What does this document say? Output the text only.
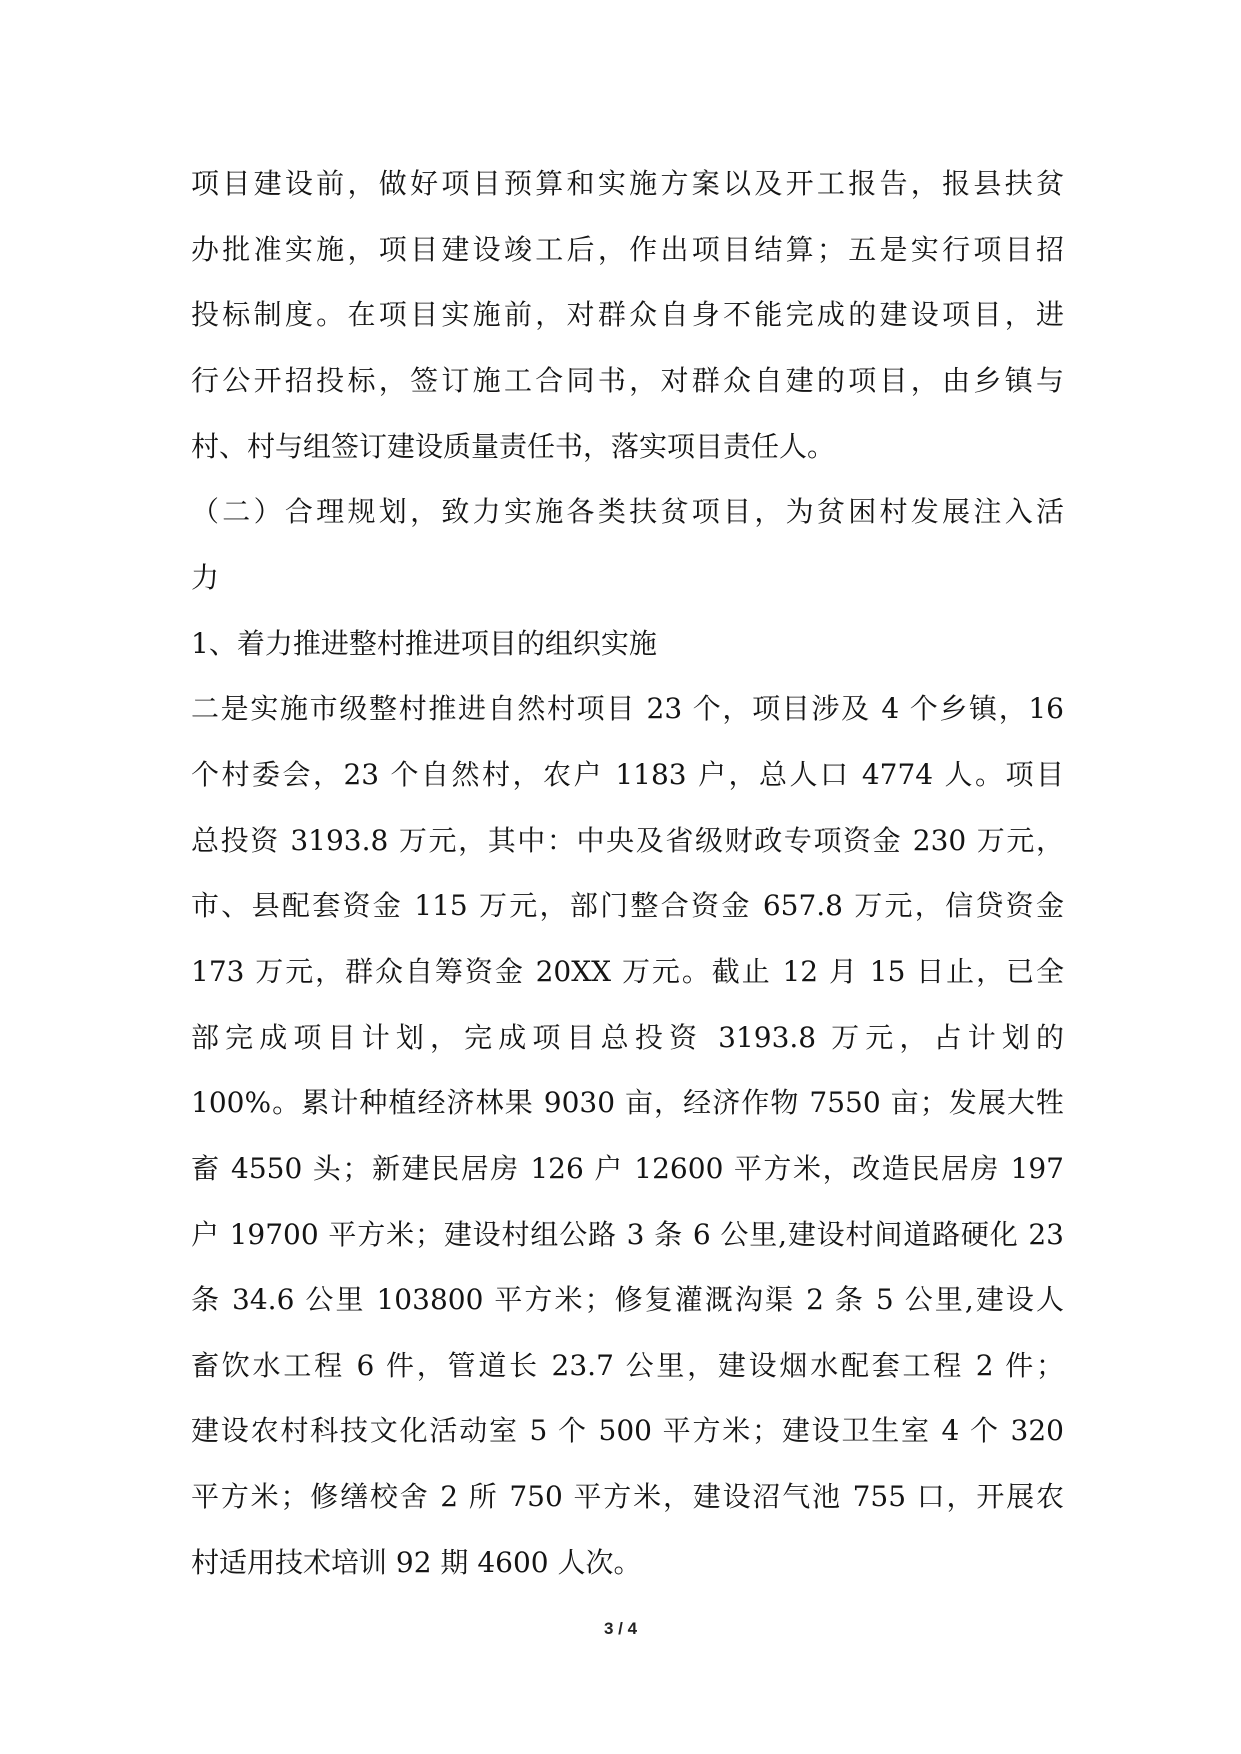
项目建设前，做好项目预算和实施方案以及开工报告，报县扶贫
办批准实施，项目建设竣工后，作出项目结算；五是实行项目招
投标制度。在项目实施前，对群众自身不能完成的建设项目，进
行公开招投标，签订施工合同书，对群众自建的项目，由乡镇与
村、村与组签订建设质量责任书，落实项目责任人。
（二）合理规划，致力实施各类扶贫项目，为贫困村发展注入活
力
1、着力推进整村推进项目的组织实施
二是实施市级整村推进自然村项目 23 个，项目涉及 4 个乡镇，16
个村委会，23 个自然村，农户 1183 户，总人口 4774 人。项目
总投资 3193.8 万元，其中：中央及省级财政专项资金 230 万元，
市、县配套资金 115 万元，部门整合资金 657.8 万元，信贷资金
173 万元，群众自筹资金 20XX 万元。截止 12 月 15 日止，已全
部完成项目计划，完成项目总投资 3193.8 万元，占计划的
100%。累计种植经济林果 9030 亩，经济作物 7550 亩；发展大牲
畜 4550 头；新建民居房 126 户 12600 平方米，改造民居房 197
户 19700 平方米；建设村组公路 3 条 6 公里,建设村间道路硬化 23
条 34.6 公里 103800 平方米；修复灌溉沟渠 2 条 5 公里,建设人
畜饮水工程 6 件，管道长 23.7 公里，建设烟水配套工程 2 件；
建设农村科技文化活动室 5 个 500 平方米；建设卫生室 4 个 320
平方米；修缮校舍 2 所 750 平方米，建设沼气池 755 口，开展农
村适用技术培训 92 期 4600 人次。
3 / 4
